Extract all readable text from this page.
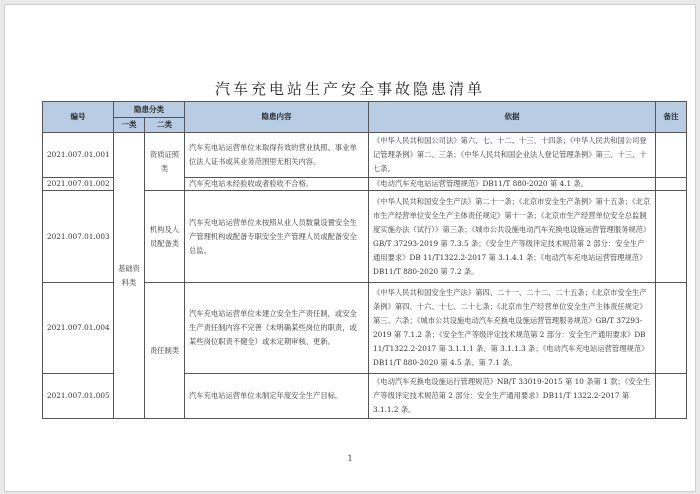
汽车充电站生产安全事故隐患清单
编号	隐患分类		隐患内容	依据	备注
	一类	二类			
2021.007.01.001	基础资料类	资质证照类	汽车充电站运营单位未取得有效的营业执照、事业单位法人证书或其业务范围里无相关内容。	《中华人民共和国公司法》第六、七、十二、十三、十四条；《中华人民共和国公司登记管理条例》第二、三条；《中华人民共和国企业法人登记管理条例》第三、十三、十七条。	
2021.007.01.002			汽车充电站未经验收或者验收不合格。	《电动汽车充电站运营管理规范》DB11/T 880-2020 第 4.1 条。	
2021.007.01.003		机构及人员配备类	汽车充电站运营单位未按照从业人员数量设置安全生产管理机构或配备专职安全生产管理人员或配备安全总监。	《中华人民共和国安全生产法》第二十一条；《北京市安全生产条例》第十五条；《北京市生产经营单位安全生产主体责任规定》第十一条；《北京市生产经营单位安全总监制度实施办法（试行）》第三条；《城市公共设施电动汽车充换电设施运营管理服务规范》GB/T 37293-2019 第 7.3.5 条；《安全生产等级评定技术规范第 2 部分：安全生产通用要求》DB 11/T1322.2-2017 第 3.1.4.1 条；《电动汽车充电站运营管理规范》DB11/T 880-2020 第 7.2 条。	
2021.007.01.004		责任制类	汽车充电站运营单位未建立安全生产责任制，或安全生产责任制内容不完善（未明确某些岗位的职责，或某些岗位职责不健全）或未定期审核、更新。	《中华人民共和国安全生产法》第四、二十一、二十二、二十五条；《北京市安全生产条例》第四、十六、十七、二十七条；《北京市生产经营单位安全生产主体责任规定》第三、六条；《城市公共设施电动汽车充换电设施运营管理服务规范》GB/T 37293-2019 第 7.1.2 条；《安全生产等级评定技术规范第 2 部分：安全生产通用要求》DB 11/T1322.2-2017 第 3.1.1.1 条、第 3.1.1.3 条；《电动汽车充电站运营管理规范》DB11/T 880-2020 第 4.5 条、第 7.1 条。	
2021.007.01.005			汽车充电站运营单位未制定年度安全生产目标。	《电动汽车充换电设施运行管理规范》NB/T 33019-2015 第 10 条第 1 款；《安全生产等级评定技术规范第 2 部分：安全生产通用要求》DB11/T 1322.2-2017 第 3.1.1.2 条。	
1
